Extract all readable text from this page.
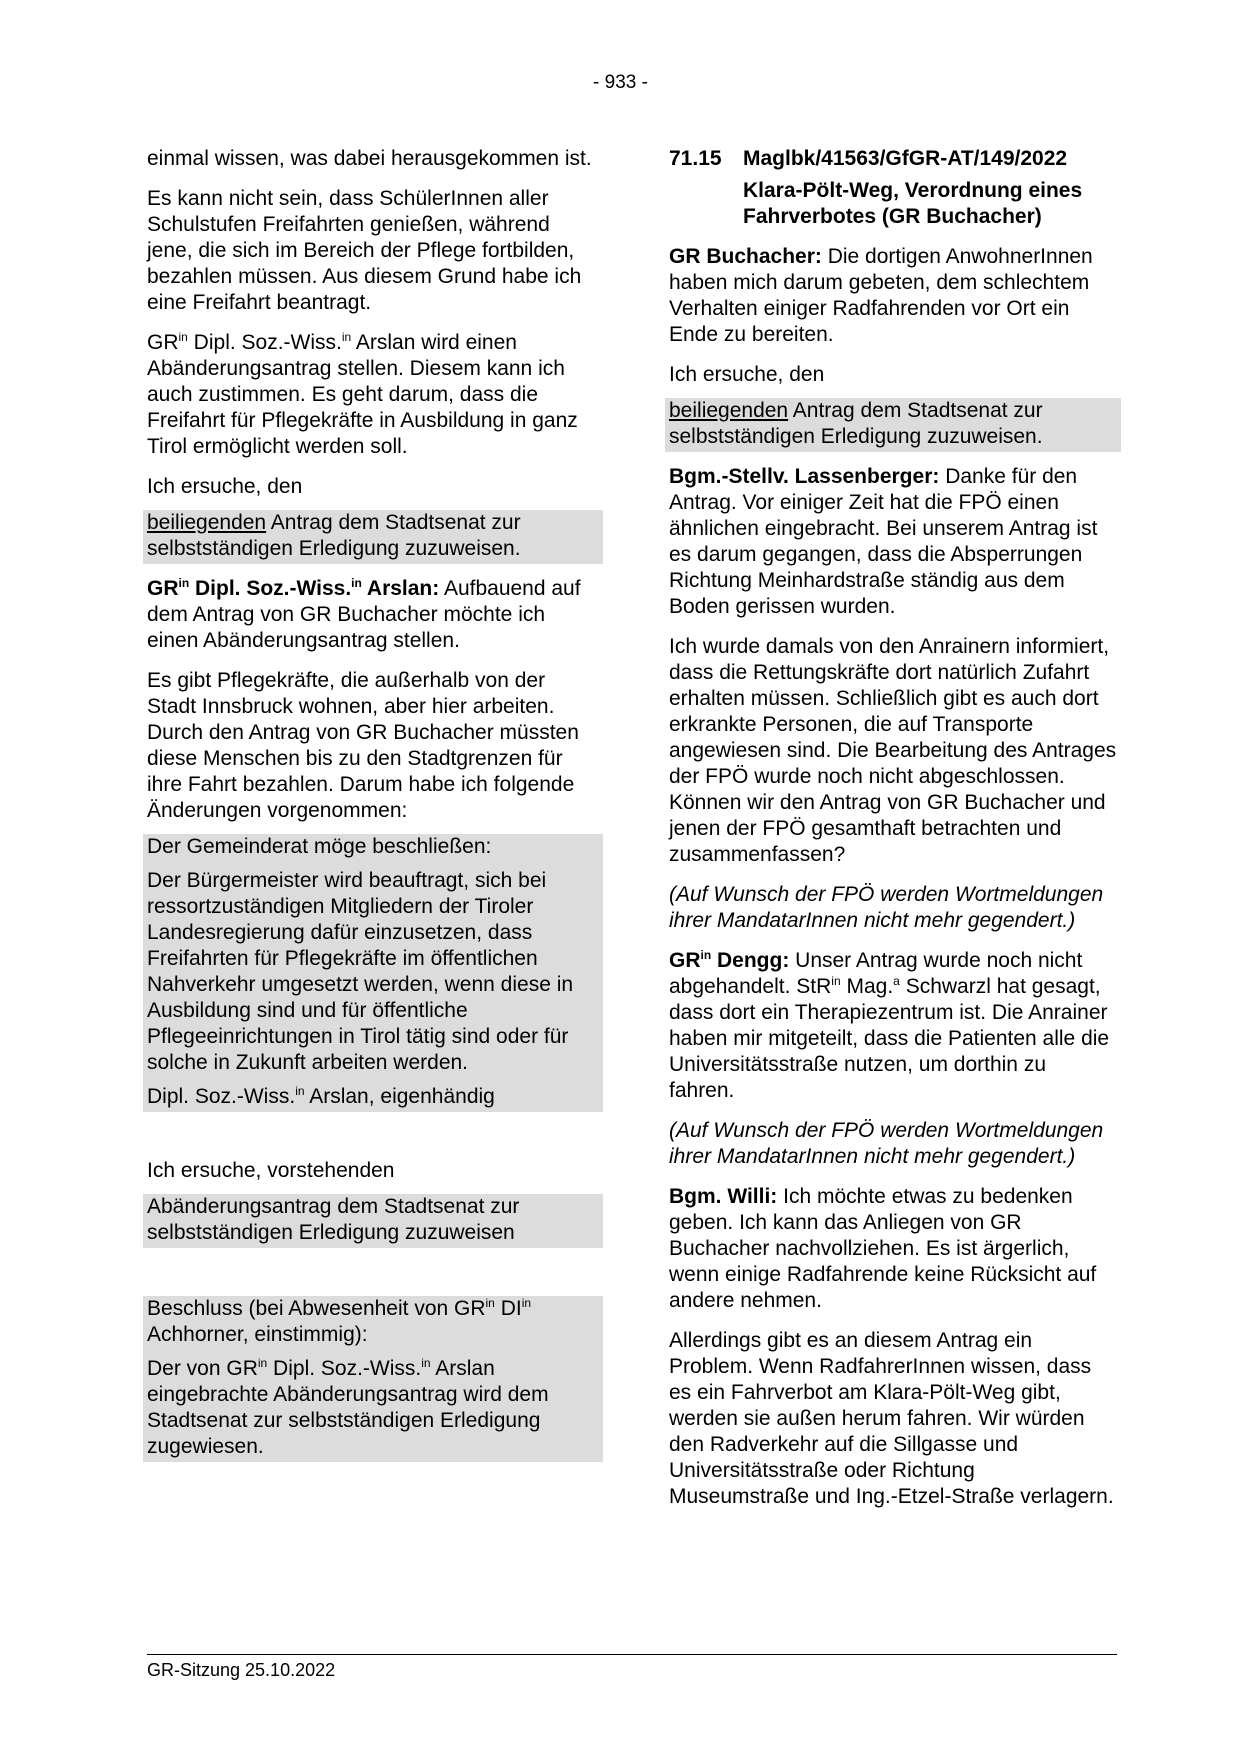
- 933 -

einmal wissen, was dabei herausgekommen ist.

Es kann nicht sein, dass SchülerInnen aller Schulstufen Freifahrten genießen, während jene, die sich im Bereich der Pflege fortbilden, bezahlen müssen. Aus diesem Grund habe ich eine Freifahrt beantragt.

$GR^{in}$ Dipl. Soz.-Wiss.$^{in}$ Arslan wird einen Abänderungsantrag stellen. Diesem kann ich auch zustimmen. Es geht darum, dass die Freifahrt für Pflegekräfte in Ausbildung in ganz Tirol ermöglicht werden soll.

Ich ersuche, den

beiliegenden Antrag dem Stadtsenat zur selbstständigen Erledigung zuzuweisen.

$GR^{in}$ Dipl. Soz.-Wiss.$^{in}$ Arslan: Aufbauend auf dem Antrag von GR Buchacher möchte ich einen Abänderungsantrag stellen.

Es gibt Pflegekräfte, die außerhalb von der Stadt Innsbruck wohnen, aber hier arbeiten. Durch den Antrag von GR Buchacher müssten diese Menschen bis zu den Stadtgrenzen für ihre Fahrt bezahlen. Darum habe ich folgende Änderungen vorgenommen:

Der Gemeinderat möge beschließen:

Der Bürgermeister wird beauftragt, sich bei ressortzuständigen Mitgliedern der Tiroler Landesregierung dafür einzusetzen, dass Freifahrten für Pflegekräfte im öffentlichen Nahverkehr umgesetzt werden, wenn diese in Ausbildung sind und für öffentliche Pflegeeinrichtungen in Tirol tätig sind oder für solche in Zukunft arbeiten werden.

Dipl. Soz.-Wiss.$^{in}$ Arslan, eigenhändig

Ich ersuche, vorstehenden

Abänderungsantrag dem Stadtsenat zur selbstständigen Erledigung zuzuweisen

Beschluss (bei Abwesenheit von $GR^{in}$ $DI^{in}$ Achhorner, einstimmig):

Der von $GR^{in}$ Dipl. Soz.-Wiss.$^{in}$ Arslan eingebrachte Abänderungsantrag wird dem Stadtsenat zur selbstständigen Erledigung zugewiesen.

71.15	Maglbk/41563/GfGR-AT/149/2022
Klara-Pölt-Weg, Verordnung eines Fahrverbotes (GR Buchacher)

GR Buchacher: Die dortigen AnwohnerInnen haben mich darum gebeten, dem schlechtem Verhalten einiger Radfahrenden vor Ort ein Ende zu bereiten.

Ich ersuche, den

beiliegenden Antrag dem Stadtsenat zur selbstständigen Erledigung zuzuweisen.

Bgm.-Stellv. Lassenberger: Danke für den Antrag. Vor einiger Zeit hat die FPÖ einen ähnlichen eingebracht. Bei unserem Antrag ist es darum gegangen, dass die Absperrungen Richtung Meinhardstraße ständig aus dem Boden gerissen wurden.

Ich wurde damals von den Anrainern informiert, dass die Rettungskräfte dort natürlich Zufahrt erhalten müssen. Schließlich gibt es auch dort erkrankte Personen, die auf Transporte angewiesen sind. Die Bearbeitung des Antrages der FPÖ wurde noch nicht abgeschlossen. Können wir den Antrag von GR Buchacher und jenen der FPÖ gesamthaft betrachten und zusammenfassen?

(Auf Wunsch der FPÖ werden Wortmeldungen ihrer MandatarInnen nicht mehr gegendert.)

$GR^{in}$ Dengg: Unser Antrag wurde noch nicht abgehandelt. StR$^{in}$ Mag.$^a$ Schwarzl hat gesagt, dass dort ein Therapiezentrum ist. Die Anrainer haben mir mitgeteilt, dass die Patienten alle die Universitätsstraße nutzen, um dorthin zu fahren.

(Auf Wunsch der FPÖ werden Wortmeldungen ihrer MandatarInnen nicht mehr gegendert.)

Bgm. Willi: Ich möchte etwas zu bedenken geben. Ich kann das Anliegen von GR Buchacher nachvollziehen. Es ist ärgerlich, wenn einige Radfahrende keine Rücksicht auf andere nehmen.

Allerdings gibt es an diesem Antrag ein Problem. Wenn RadfahrerInnen wissen, dass es ein Fahrverbot am Klara-Pölt-Weg gibt, werden sie außen herum fahren. Wir würden den Radverkehr auf die Sillgasse und Universitätsstraße oder Richtung Museumstraße und Ing.-Etzel-Straße verlagern.

GR-Sitzung 25.10.2022
